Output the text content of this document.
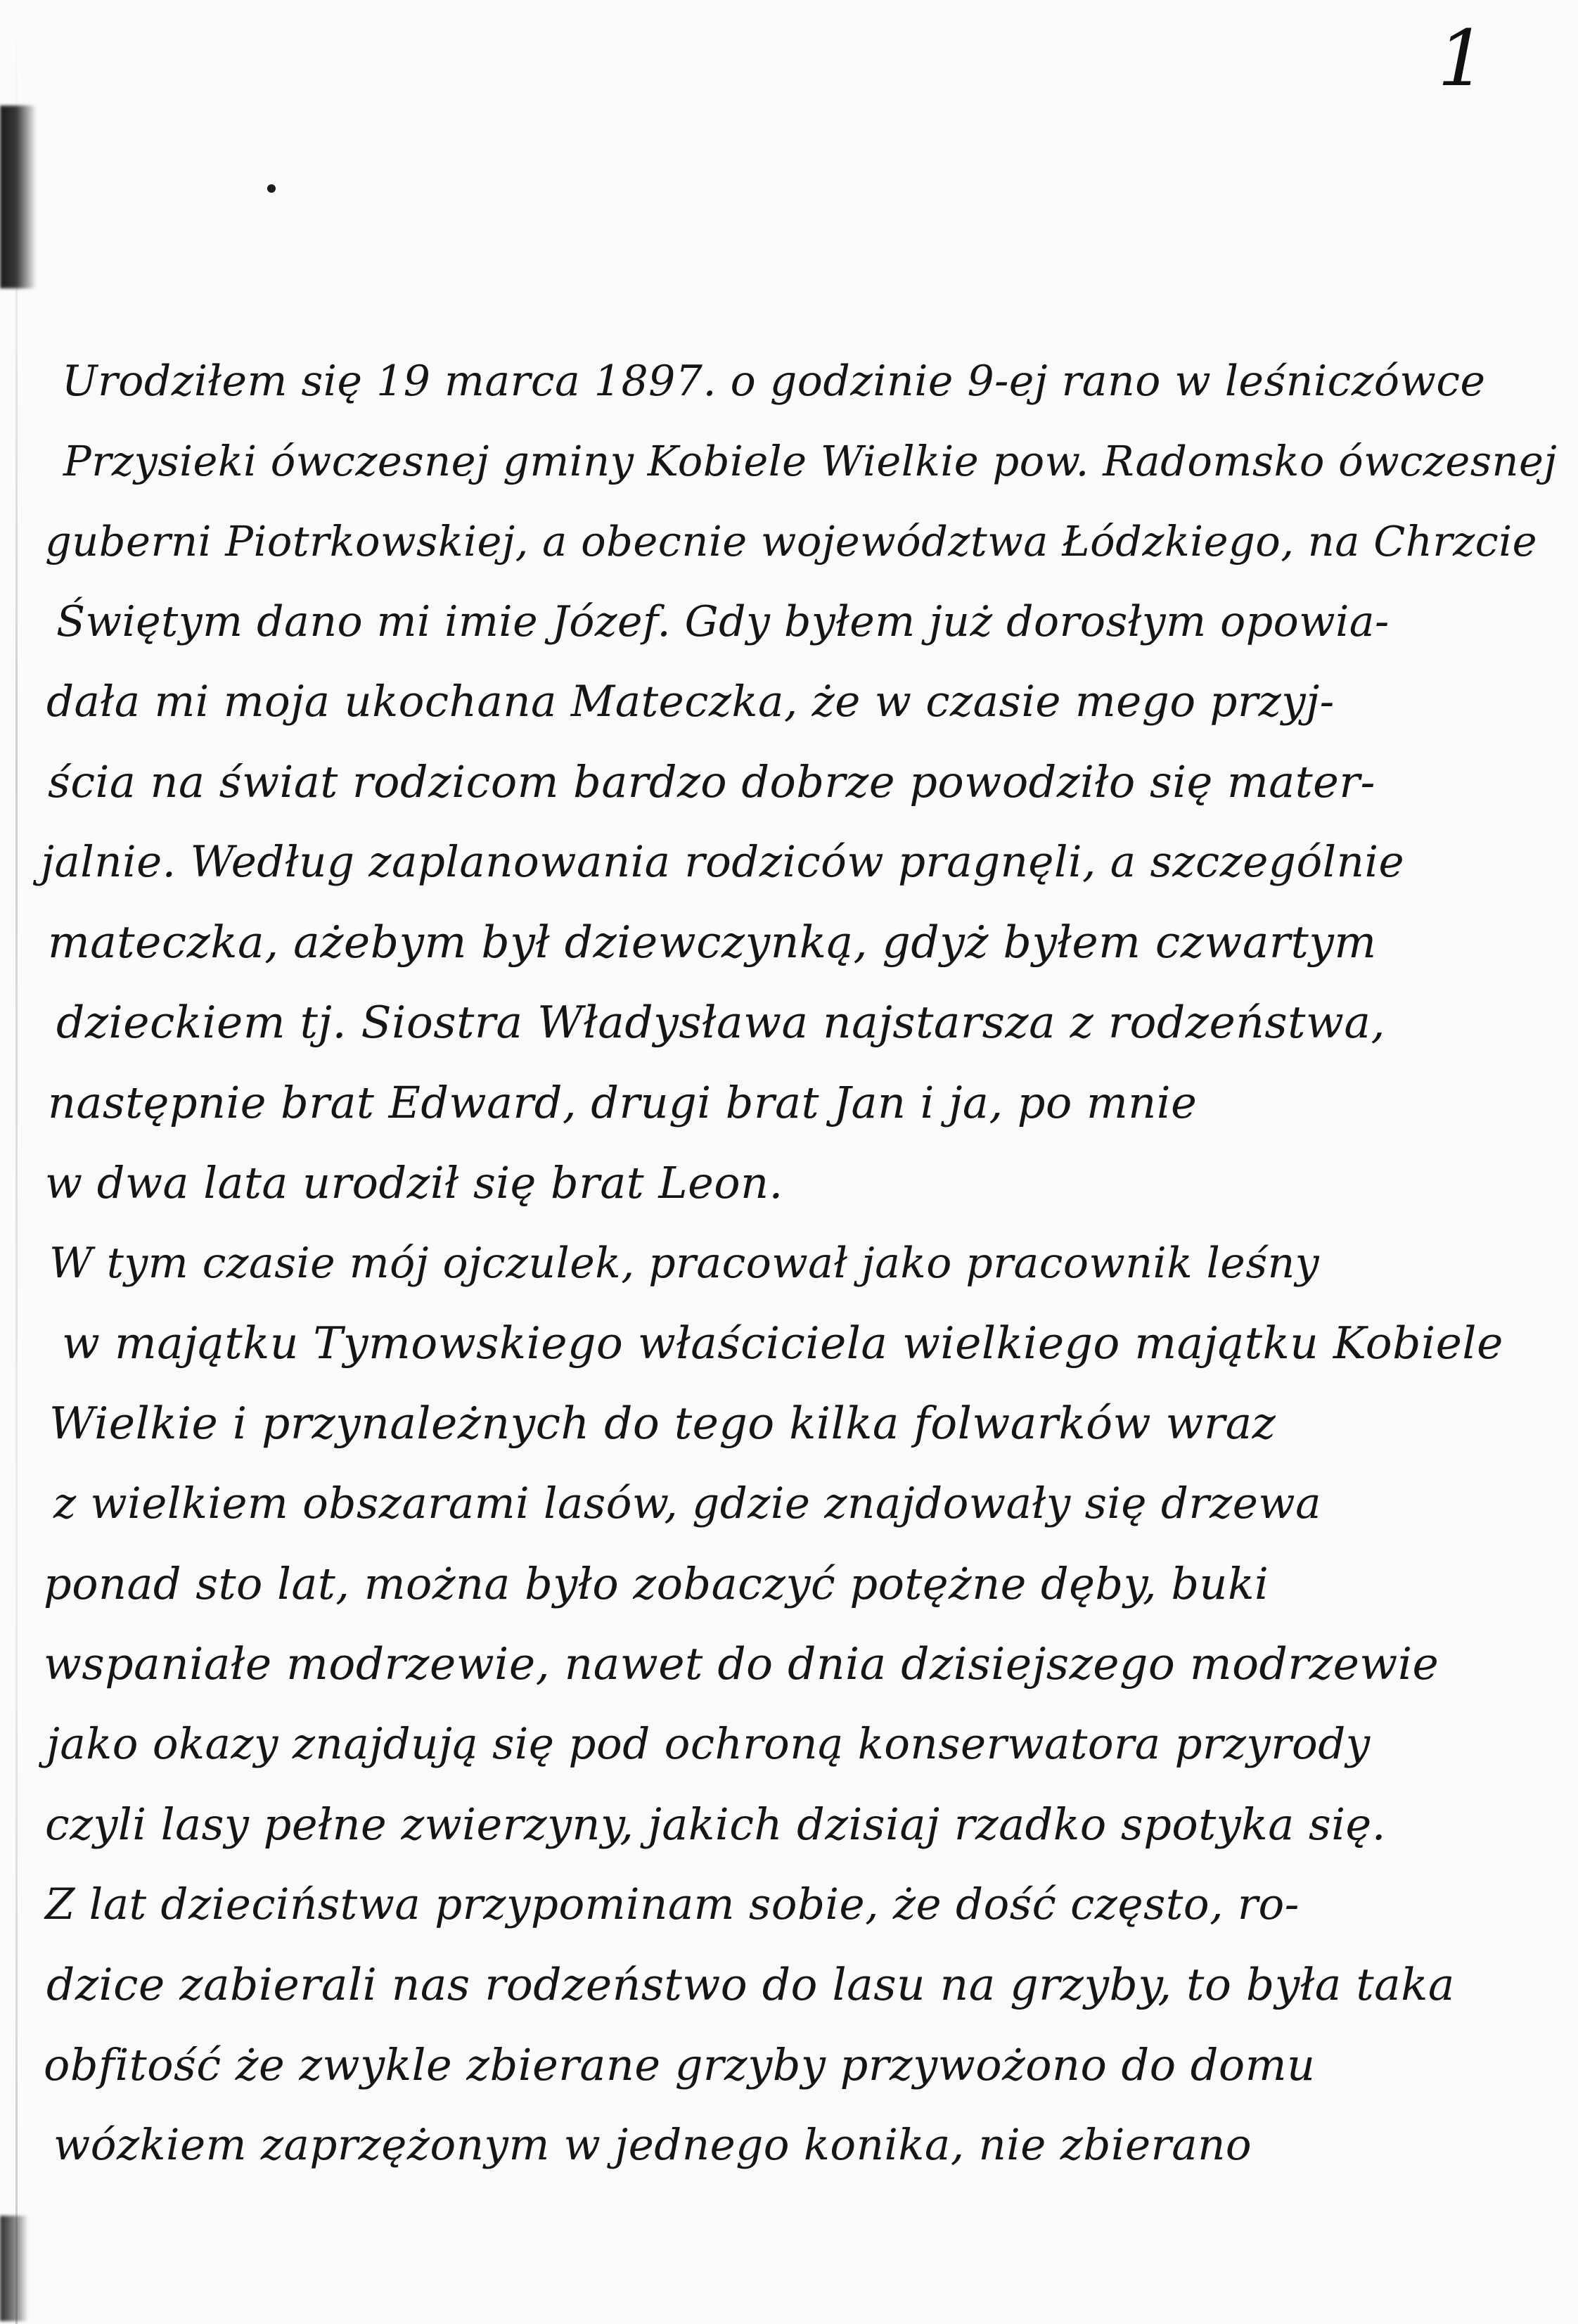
1
Urodziłem się 19 marca 1897. o godzinie 9-ej rano w leśniczówce
Przysieki ówczesnej gminy Kobiele Wielkie pow. Radomsko ówczesnej
guberni Piotrkowskiej, a obecnie województwa Łódzkiego, na Chrzcie
Świętym dano mi imie Józef. Gdy byłem już dorosłym opowia-
dała mi moja ukochana Mateczka, że w czasie mego przyj-
ścia na świat rodzicom bardzo dobrze powodziło się mater-
jalnie. Według zaplanowania rodziców pragnęli, a szczególnie
mateczka, ażebym był dziewczynką, gdyż byłem czwartym
dzieckiem tj. Siostra Władysława najstarsza z rodzeństwa,
następnie brat Edward, drugi brat Jan i ja, po mnie
w dwa lata urodził się brat Leon.
W tym czasie mój ojczulek, pracował jako pracownik leśny
w majątku Tymowskiego właściciela wielkiego majątku Kobiele
Wielkie i przynależnych do tego kilka folwarków wraz
z wielkiem obszarami lasów, gdzie znajdowały się drzewa
ponad sto lat, można było zobaczyć potężne dęby, buki
wspaniałe modrzewie, nawet do dnia dzisiejszego modrzewie
jako okazy znajdują się pod ochroną konserwatora przyrody
czyli lasy pełne zwierzyny, jakich dzisiaj rzadko spotyka się.
Z lat dzieciństwa przypominam sobie, że dość często, ro-
dzice zabierali nas rodzeństwo do lasu na grzyby, to była taka
obfitość że zwykle zbierane grzyby przywożono do domu
wózkiem zaprzężonym w jednego konika, nie zbierano
